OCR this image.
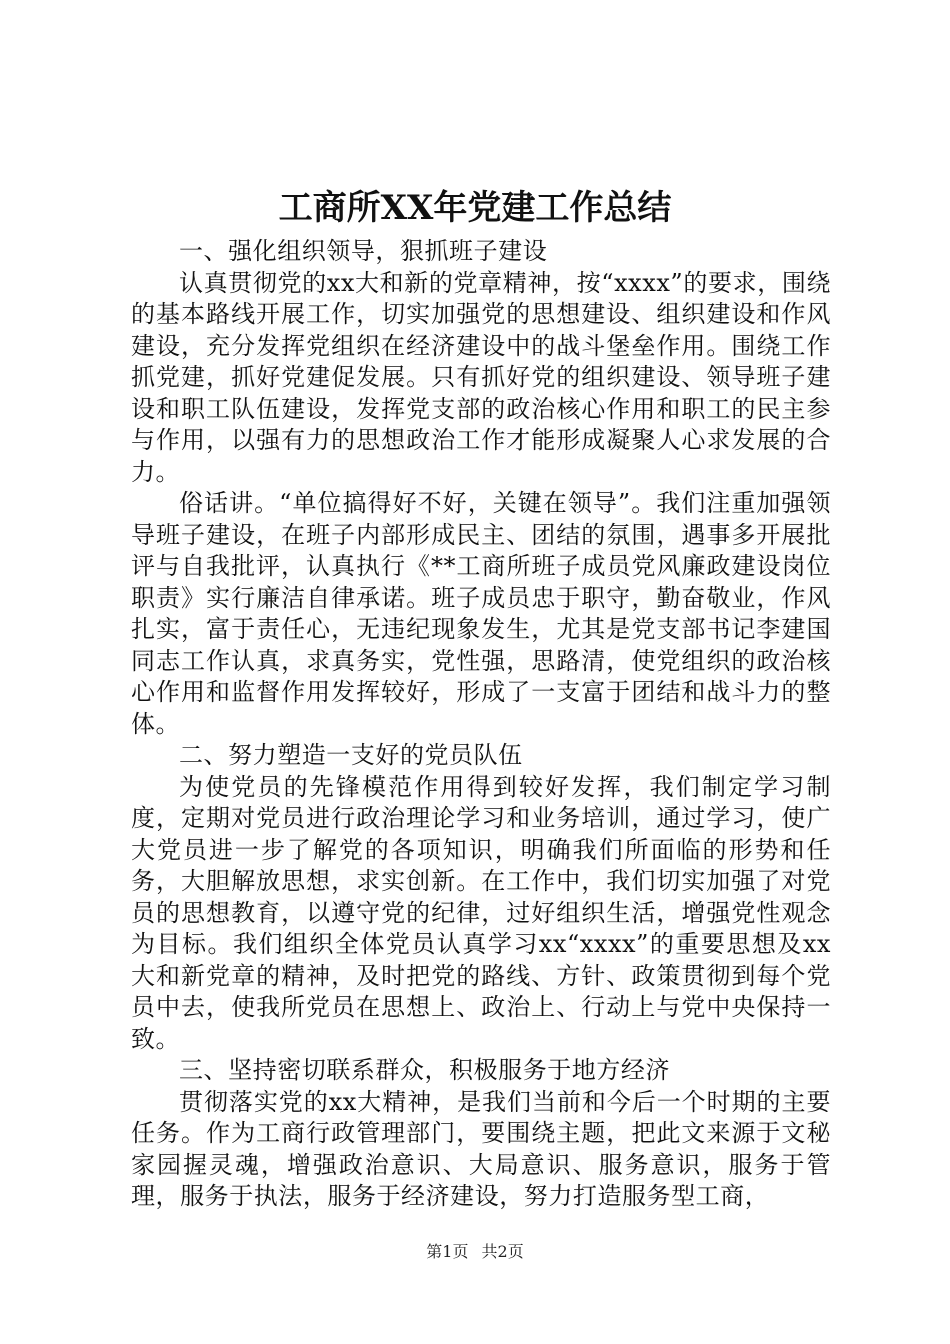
工商所XX年党建工作总结

一、强化组织领导，狠抓班子建设

认真贯彻党的xx大和新的党章精神，按“xxxx”的要求，围绕的基本路线开展工作，切实加强党的思想建设、组织建设和作风建设，充分发挥党组织在经济建设中的战斗堡垒作用。围绕工作抓党建，抓好党建促发展。只有抓好党的组织建设、领导班子建设和职工队伍建设，发挥党支部的政治核心作用和职工的民主参与作用，以强有力的思想政治工作才能形成凝聚人心求发展的合力。

俗话讲。“单位搞得好不好，关键在领导”。我们注重加强领导班子建设，在班子内部形成民主、团结的氛围，遇事多开展批评与自我批评，认真执行《**工商所班子成员党风廉政建设岗位职责》实行廉洁自律承诺。班子成员忠于职守，勤奋敬业，作风扎实，富于责任心，无违纪现象发生，尤其是党支部书记李建国同志工作认真，求真务实，党性强，思路清，使党组织的政治核心作用和监督作用发挥较好，形成了一支富于团结和战斗力的整体。

二、努力塑造一支好的党员队伍

为使党员的先锋模范作用得到较好发挥，我们制定学习制度，定期对党员进行政治理论学习和业务培训，通过学习，使广大党员进一步了解党的各项知识，明确我们所面临的形势和任务，大胆解放思想，求实创新。在工作中，我们切实加强了对党员的思想教育，以遵守党的纪律，过好组织生活，增强党性观念为目标。我们组织全体党员认真学习xx“xxxx”的重要思想及xx大和新党章的精神，及时把党的路线、方针、政策贯彻到每个党员中去，使我所党员在思想上、政治上、行动上与党中央保持一致。

三、坚持密切联系群众，积极服务于地方经济

贯彻落实党的xx大精神，是我们当前和今后一个时期的主要任务。作为工商行政管理部门，要围绕主题，把此文来源于文秘家园握灵魂，增强政治意识、大局意识、服务意识，服务于管理，服务于执法，服务于经济建设，努力打造服务型工商，

第1页 共2页
